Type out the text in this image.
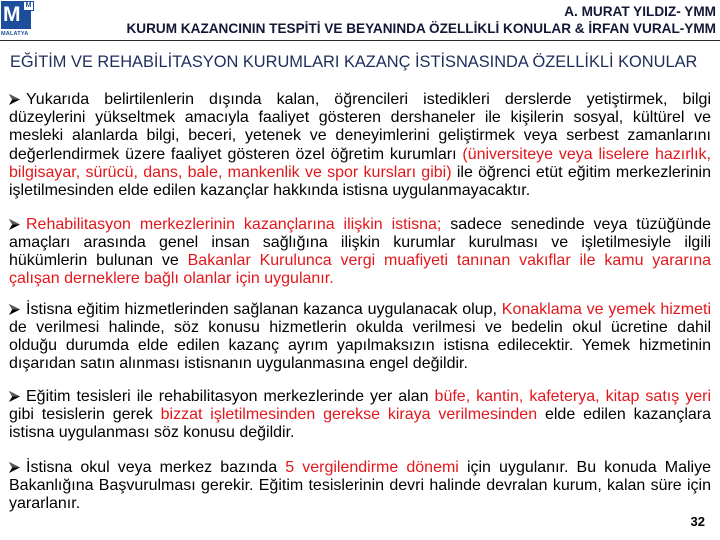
M M
MALATYA
A. MURAT YILDIZ- YMM
KURUM KAZANCININ TESPİTİ VE BEYANINDA ÖZELLİKLİ KONULAR & İRFAN VURAL-YMM
EĞİTİM VE REHABİLİTASYON KURUMLARI KAZANÇ İSTİSNASINDA ÖZELLİKLİ KONULAR
Yukarıda belirtilenlerin dışında kalan, öğrencileri istedikleri derslerde yetiştirmek, bilgi
düzeylerini yükseltmek amacıyla faaliyet gösteren dershaneler ile kişilerin sosyal, kültürel ve
mesleki alanlarda bilgi, beceri, yetenek ve deneyimlerini geliştirmek veya serbest zamanlarını
değerlendirmek üzere faaliyet gösteren özel öğretim kurumları (üniversiteye veya liselere hazırlık,
bilgisayar, sürücü, dans, bale, mankenlik ve spor kursları gibi) ile öğrenci etüt eğitim merkezlerinin
işletilmesinden elde edilen kazançlar hakkında istisna uygulanmayacaktır.
Rehabilitasyon merkezlerinin kazançlarına ilişkin istisna; sadece senedinde veya tüzüğünde
amaçları arasında genel insan sağlığına ilişkin kurumlar kurulması ve işletilmesiyle ilgili
hükümlerin bulunan ve Bakanlar Kurulunca vergi muafiyeti tanınan vakıflar ile kamu yararına
çalışan derneklere bağlı olanlar için uygulanır.
İstisna eğitim hizmetlerinden sağlanan kazanca uygulanacak olup, Konaklama ve yemek hizmeti
de verilmesi halinde, söz konusu hizmetlerin okulda verilmesi ve bedelin okul ücretine dahil
olduğu durumda elde edilen kazanç ayrım yapılmaksızın istisna edilecektir. Yemek hizmetinin
dışarıdan satın alınması istisnanın uygulanmasına engel değildir.
Eğitim tesisleri ile rehabilitasyon merkezlerinde yer alan büfe, kantin, kafeterya, kitap satış yeri
gibi tesislerin gerek bizzat işletilmesinden gerekse kiraya verilmesinden elde edilen kazançlara
istisna uygulanması söz konusu değildir.
İstisna okul veya merkez bazında 5 vergilendirme dönemi için uygulanır. Bu konuda Maliye
Bakanlığına Başvurulması gerekir. Eğitim tesislerinin devri halinde devralan kurum, kalan süre için
yararlanır.
32
